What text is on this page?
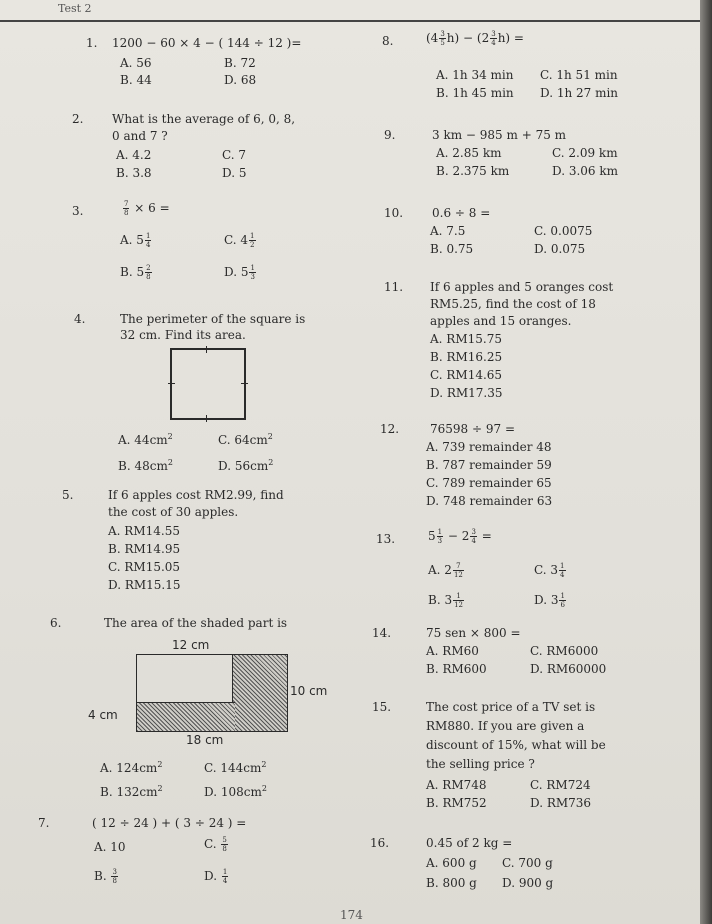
Test 2
1. 1200 − 60 × 4 − ( 144 ÷ 12 )=
A. 56	B. 72
B. 44	D. 68
2. What is the average of 6, 0, 8,
0 and 7 ?
A. 4.2	C. 7
B. 3.8	D. 5
3.	$\frac{7}{8} \times 6$ =
A. $5 \frac{1}{4}$	C. $4 \frac{1}{2}$
B. $5 \frac{2}{8}$	D. $5 \frac{1}{3}$
4.	The perimeter of the square is
32 cm. Find its area.
A. $44cm^2$	C. $64cm^2$
B. $48cm^2$	D. $56cm^2$
5.	If 6 apples cost RM2.99, find
the cost of 30 apples.
A. RM14.55
B. RM14.95
C. RM15.05
D. RM15.15
6.	The area of the shaded part is
12 cm
10 cm
4 cm
18 cm
A. $124cm^2$	C. $144cm^2$
B. $132cm^2$	D. $108cm^2$
7.	( 12 ÷ 24 ) + ( 3 ÷ 24 ) =
A. 10	C. $\frac{5}{8}$
B. $\frac{3}{8}$	D. $\frac{1}{4}$
8.	$(4 \frac{3}{5} h) - (2 \frac{3}{4} h)$ =
A. 1h 34 min C. 1h 51 min
B. 1h 45 min D. 1h 27 min
9.	3 km − 985 m + 75 m
A. 2.85 km	C. 2.09 km
B. 2.375 km	D. 3.06 km
10. 0.6 ÷ 8 =
A. 7.5	C. 0.0075
B. 0.75	D. 0.075
11. If 6 apples and 5 oranges cost
RM5.25, find the cost of 18
apples and 15 oranges.
A. RM15.75
B. RM16.25
C. RM14.65
D. RM17.35
12.	76598 ÷ 97 =
A. 739 remainder 48
B. 787 remainder 59
C. 789 remainder 65
D. 748 remainder 63
13.	$5 \frac{1}{3} - 2 \frac{3}{4}$ =
A. $2 \frac{7}{12}$	C. $3 \frac{1}{4}$
B. $3 \frac{1}{12}$	D. $3 \frac{1}{6}$
14.	75 sen × 800 =
A. RM60	C. RM6000
B. RM600	D. RM60000
15.	The cost price of a TV set is
RM880. If you are given a
discount of 15%, what will be
the selling price ?
A. RM748	C. RM724
B. RM752	D. RM736
16.	0.45 of 2 kg =
A. 600 g C. 700 g
B. 800 g D. 900 g
174
